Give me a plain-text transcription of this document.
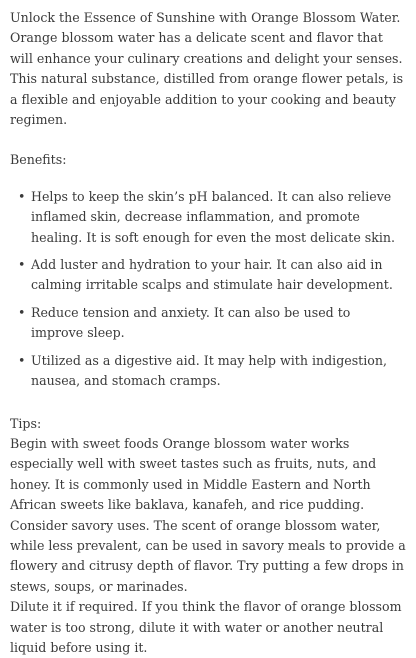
Unlock the Essence of Sunshine with Orange Blossom Water. Orange blossom water has a delicate scent and flavor that will enhance your culinary creations and delight your senses. This natural substance, distilled from orange flower petals, is a flexible and enjoyable addition to your cooking and beauty regimen.

Benefits:

• Helps to keep the skin’s pH balanced. It can also relieve inflamed skin, decrease inflammation, and promote healing. It is soft enough for even the most delicate skin.
• Add luster and hydration to your hair. It can also aid in calming irritable scalps and stimulate hair development.
• Reduce tension and anxiety. It can also be used to improve sleep.
• Utilized as a digestive aid. It may help with indigestion, nausea, and stomach cramps.

Tips:

Begin with sweet foods Orange blossom water works especially well with sweet tastes such as fruits, nuts, and honey. It is commonly used in Middle Eastern and North African sweets like baklava, kanafeh, and rice pudding.

Consider savory uses. The scent of orange blossom water, while less prevalent, can be used in savory meals to provide a flowery and citrusy depth of flavor. Try putting a few drops in stews, soups, or marinades.

Dilute it if required. If you think the flavor of orange blossom water is too strong, dilute it with water or another neutral liquid before using it.
